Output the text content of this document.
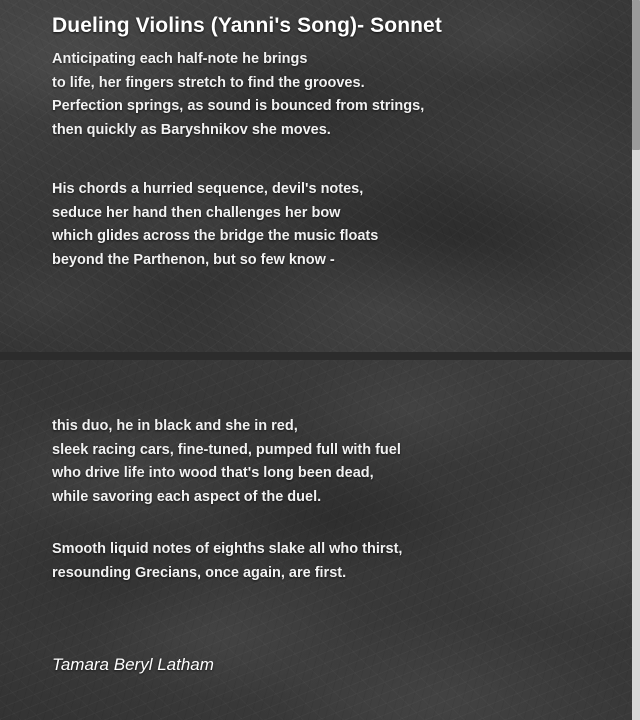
Dueling Violins (Yanni's Song)- Sonnet
Anticipating each half-note he brings
to life, her fingers stretch to find the grooves.
Perfection springs, as sound is bounced from strings,
then quickly as Baryshnikov she moves.
His chords a hurried sequence, devil's notes,
seduce her hand then challenges her bow
which glides across the bridge the music floats
beyond the Parthenon, but so few know -
this duo, he in black and she in red,
sleek racing cars, fine-tuned, pumped full with fuel
who drive life into wood that's long been dead,
while savoring each aspect of the duel.
Smooth liquid notes of eighths slake all who thirst,
resounding Grecians, once again, are first.
Tamara Beryl Latham
